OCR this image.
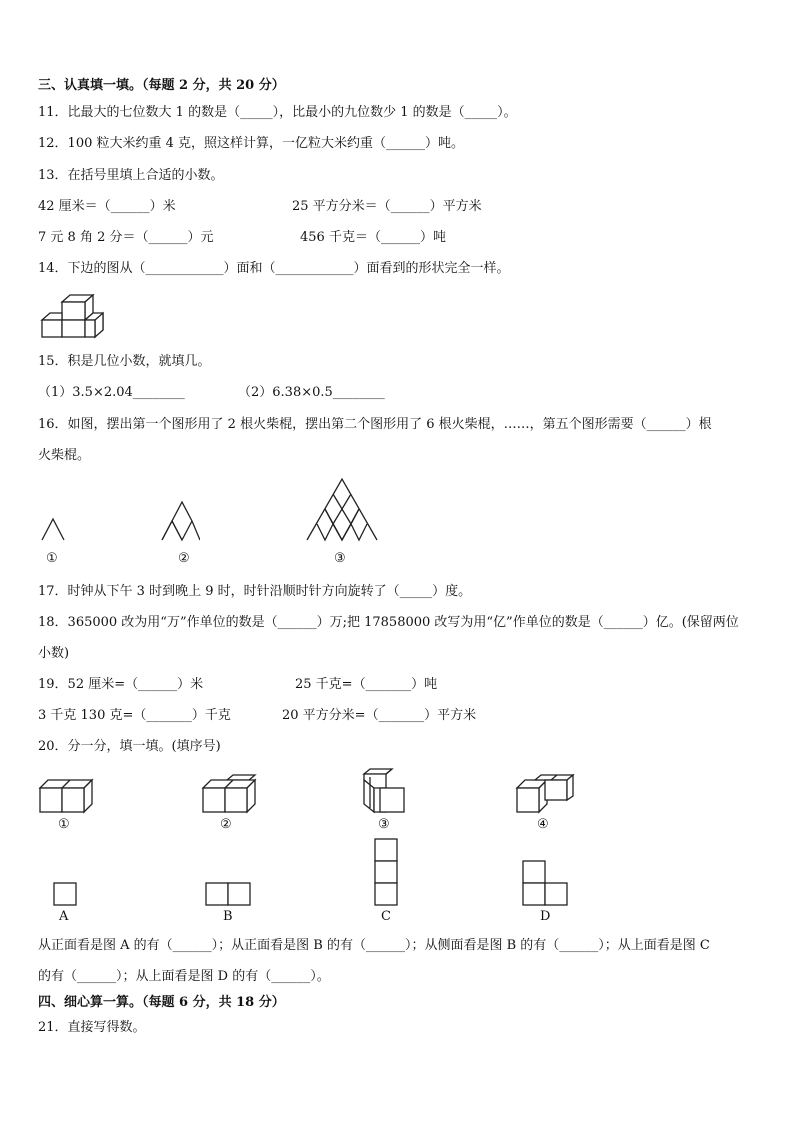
三、认真填一填。（每题 2 分，共 20 分）
11．比最大的七位数大 1 的数是（_____），比最小的九位数少 1 的数是（_____）。
12．100 粒大米约重 4 克，照这样计算，一亿粒大米约重（______）吨。
13．在括号里填上合适的小数。
42 厘米＝（______）米	25 平方分米＝（______）平方米
7 元 8 角 2 分＝（______）元	456 千克＝（______）吨
14．下边的图从（____________）面和（____________）面看到的形状完全一样。
15．积是几位小数，就填几。
（1）3.5×2.04________	（2）6.38×0.5________
16．如图，摆出第一个图形用了 2 根火柴棍，摆出第二个图形用了 6 根火柴棍，……，第五个图形需要（______）根
火柴棍。
①	②	③
17．时钟从下午 3 时到晚上 9 时，时针沿顺时针方向旋转了（_____）度。
18．365000 改为用“万”作单位的数是（______）万;把 17858000 改写为用“亿”作单位的数是（______）亿。(保留两位
小数)
19．52 厘米=（______）米	25 千克=（_______）吨
3 千克 130 克=（_______）千克	20 平方分米=（_______）平方米
20．分一分，填一填。(填序号)
①	②	③	④
A	B	C	D
从正面看是图 A 的有（______）；从正面看是图 B 的有（______）；从侧面看是图 B 的有（______）；从上面看是图 C
的有（______）；从上面看是图 D 的有（______）。
四、细心算一算。（每题 6 分，共 18 分）
21．直接写得数。
